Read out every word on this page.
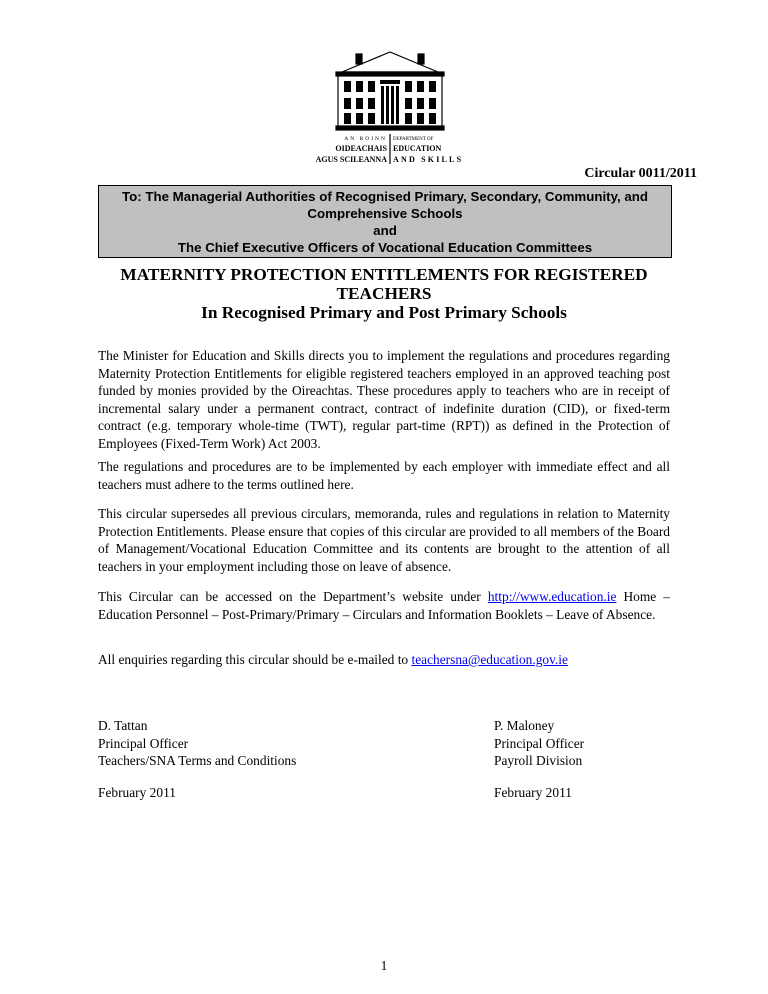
AN ROINN
OIDEACHAIS
AGUS SCILEANNA
DEPARTMENT OF
EDUCATION
AND SKILLS
Circular 0011/2011
To: The Managerial Authorities of Recognised Primary, Secondary, Community, and
Comprehensive Schools
and
The Chief Executive Officers of Vocational Education Committees
MATERNITY PROTECTION ENTITLEMENTS FOR REGISTERED
TEACHERS
In Recognised Primary and Post Primary Schools
The Minister for Education and Skills directs you to implement the regulations and procedures regarding Maternity Protection Entitlements for eligible registered teachers employed in an approved teaching post funded by monies provided by the Oireachtas. These procedures apply to teachers who are in receipt of incremental salary under a permanent contract, contract of indefinite duration (CID), or fixed-term contract (e.g. temporary whole-time (TWT), regular part-time (RPT)) as defined in the Protection of Employees (Fixed-Term Work) Act 2003.
The regulations and procedures are to be implemented by each employer with immediate effect and all teachers must adhere to the terms outlined here.
This circular supersedes all previous circulars, memoranda, rules and regulations in relation to Maternity Protection Entitlements. Please ensure that copies of this circular are provided to all members of the Board of Management/Vocational Education Committee and its contents are brought to the attention of all teachers in your employment including those on leave of absence.
This Circular can be accessed on the Department’s website under http://www.education.ie Home – Education Personnel – Post-Primary/Primary – Circulars and Information Booklets – Leave of Absence.
All enquiries regarding this circular should be e-mailed to teachersna@education.gov.ie
D. Tattan
Principal Officer
Teachers/SNA Terms and Conditions
P. Maloney
Principal Officer
Payroll Division
February 2011	February 2011
1
